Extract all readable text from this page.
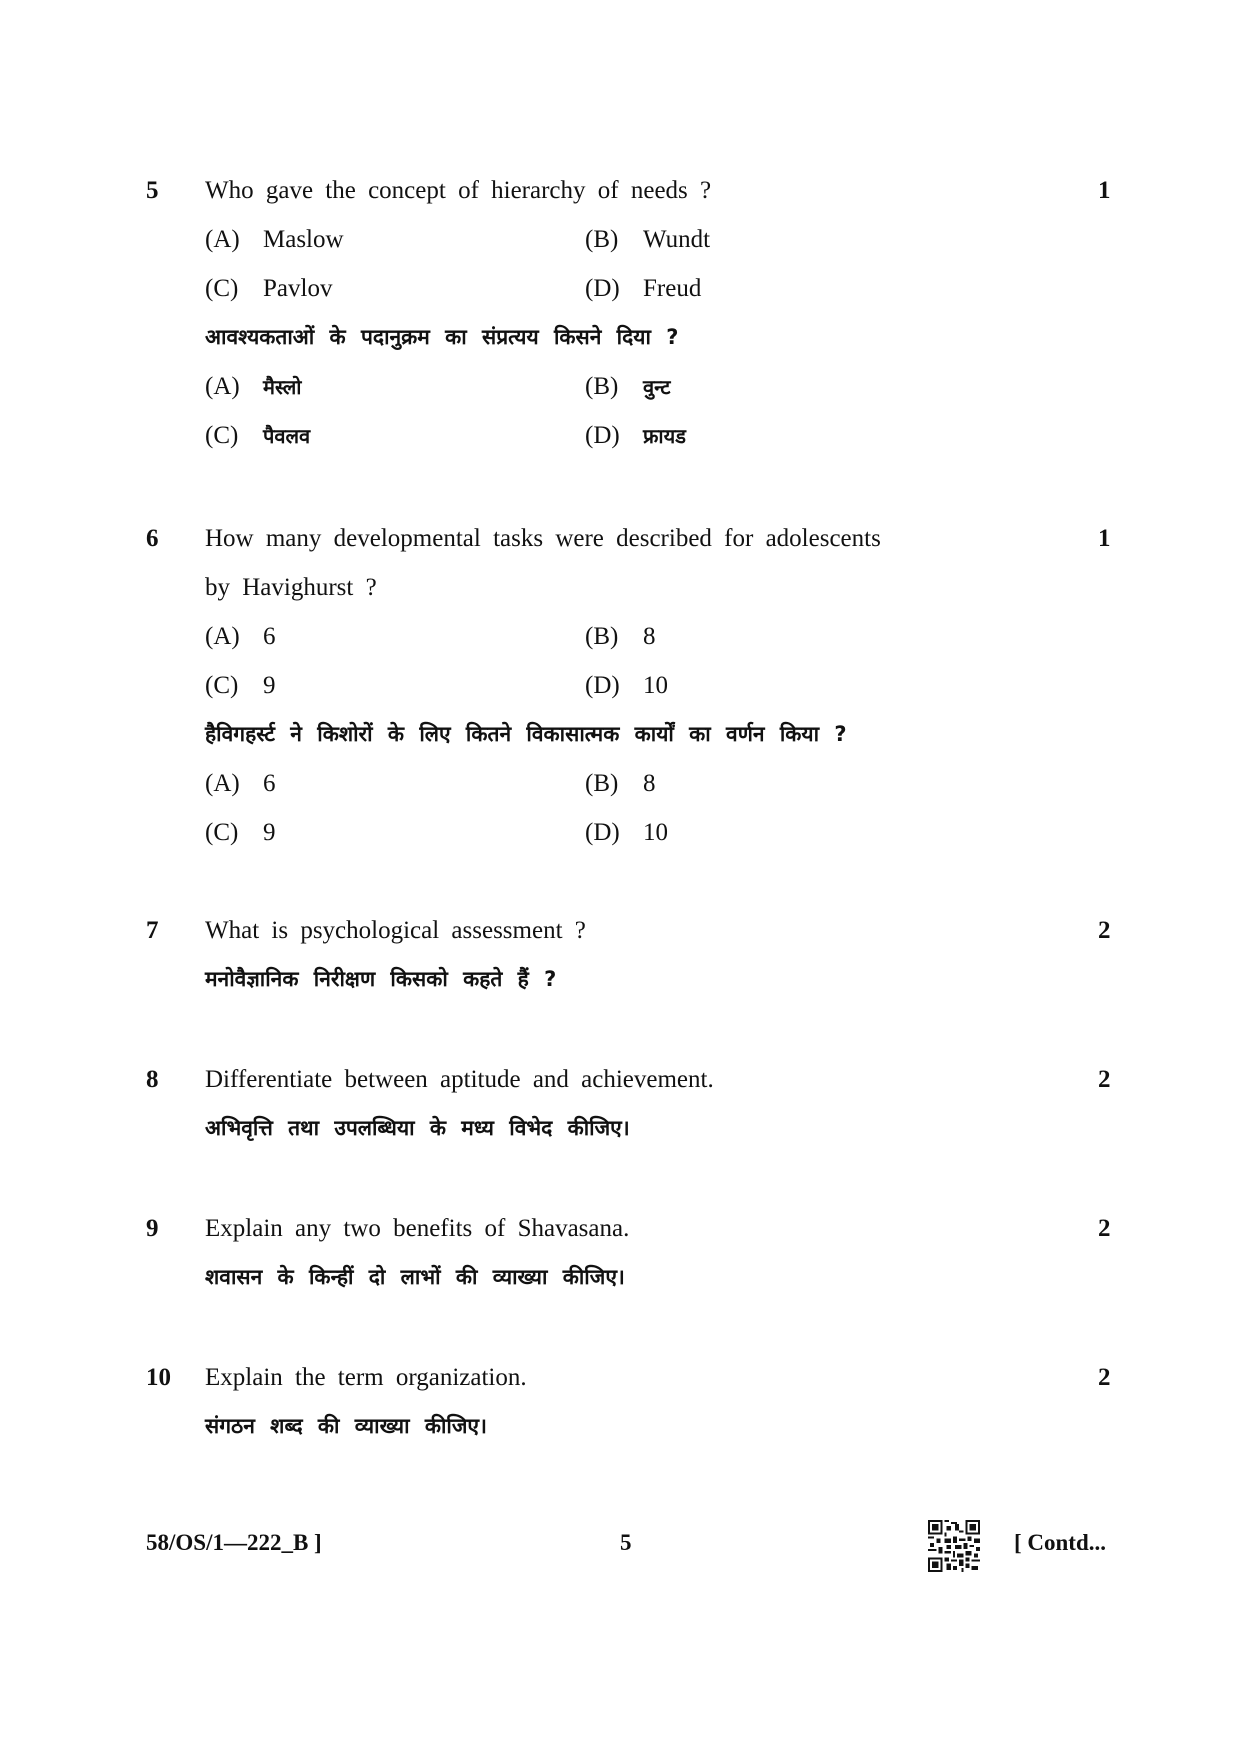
5 Who gave the concept of hierarchy of needs ?	1
(A) Maslow	(B) Wundt
(C) Pavlov	(D) Freud
आवश्यकताओं के पदानुक्रम का संप्रत्यय किसने दिया ?
(A) मैस्लो	(B) वुन्ट
(C) पैवलव	(D) फ्रायड
6 How many developmental tasks were described for adolescents	1
by Havighurst ?
(A) 6	(B) 8
(C) 9	(D) 10
हैविगहर्स्ट ने किशोरों के लिए कितने विकासात्मक कार्यों का वर्णन किया ?
(A) 6	(B) 8
(C) 9	(D) 10
7 What is psychological assessment ?	2
मनोवैज्ञानिक निरीक्षण किसको कहते हैं ?
8 Differentiate between aptitude and achievement.	2
अभिवृत्ति तथा उपलब्धिया के मध्य विभेद कीजिए।
9 Explain any two benefits of Shavasana.	2
शवासन के किन्हीं दो लाभों की व्याख्या कीजिए।
10 Explain the term organization.	2
संगठन शब्द की व्याख्या कीजिए।
58/OS/1—222_B ]	5	[ Contd...
